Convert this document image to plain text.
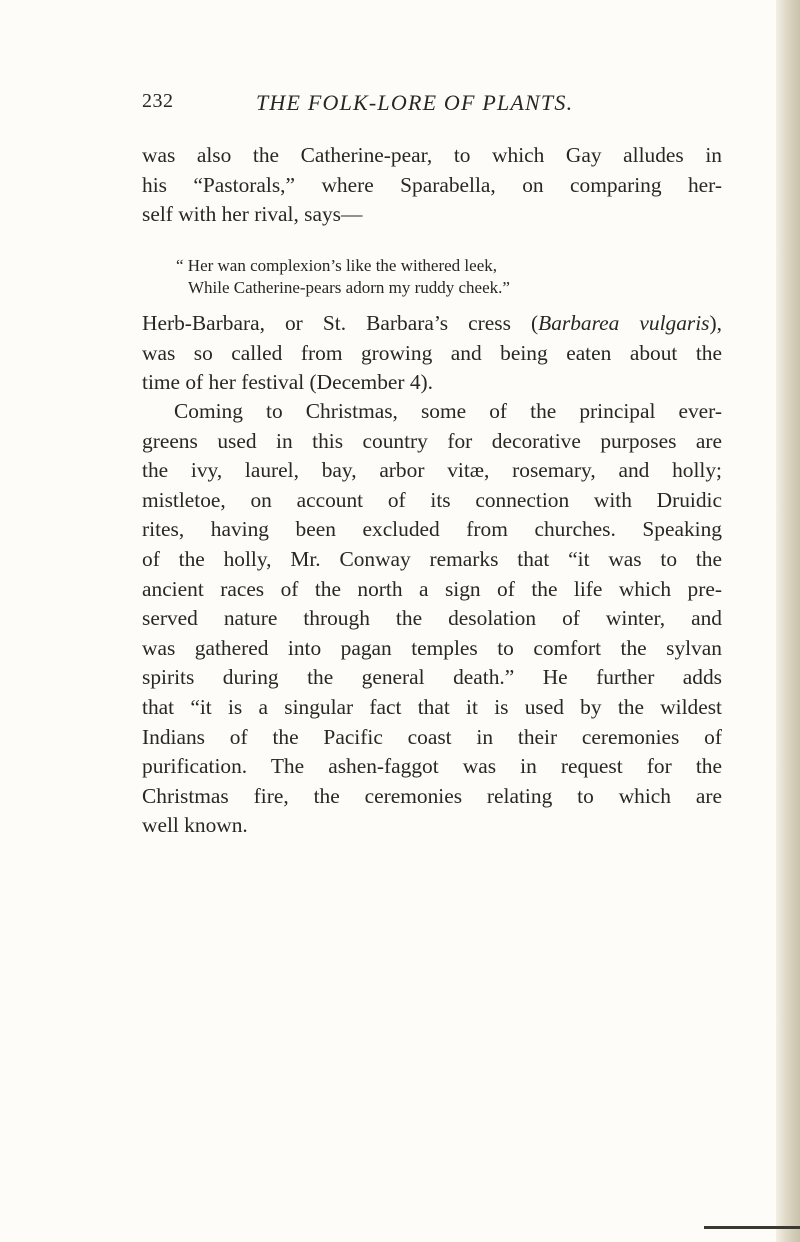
232	THE FOLK-LORE OF PLANTS.
was also the Catherine-pear, to which Gay alludes in
his “Pastorals,” where Sparabella, on comparing her-
self with her rival, says—
“ Her wan complexion’s like the withered leek,
While Catherine-pears adorn my ruddy cheek.”
Herb-Barbara, or St. Barbara’s cress (Barbarea vulgaris),
was so called from growing and being eaten about the
time of her festival (December 4).
Coming to Christmas, some of the principal ever-
greens used in this country for decorative purposes are
the ivy, laurel, bay, arbor vitæ, rosemary, and holly;
mistletoe, on account of its connection with Druidic
rites, having been excluded from churches. Speaking
of the holly, Mr. Conway remarks that “it was to the
ancient races of the north a sign of the life which pre-
served nature through the desolation of winter, and
was gathered into pagan temples to comfort the sylvan
spirits during the general death.” He further adds
that “it is a singular fact that it is used by the wildest
Indians of the Pacific coast in their ceremonies of
purification. The ashen-faggot was in request for the
Christmas fire, the ceremonies relating to which are
well known.
